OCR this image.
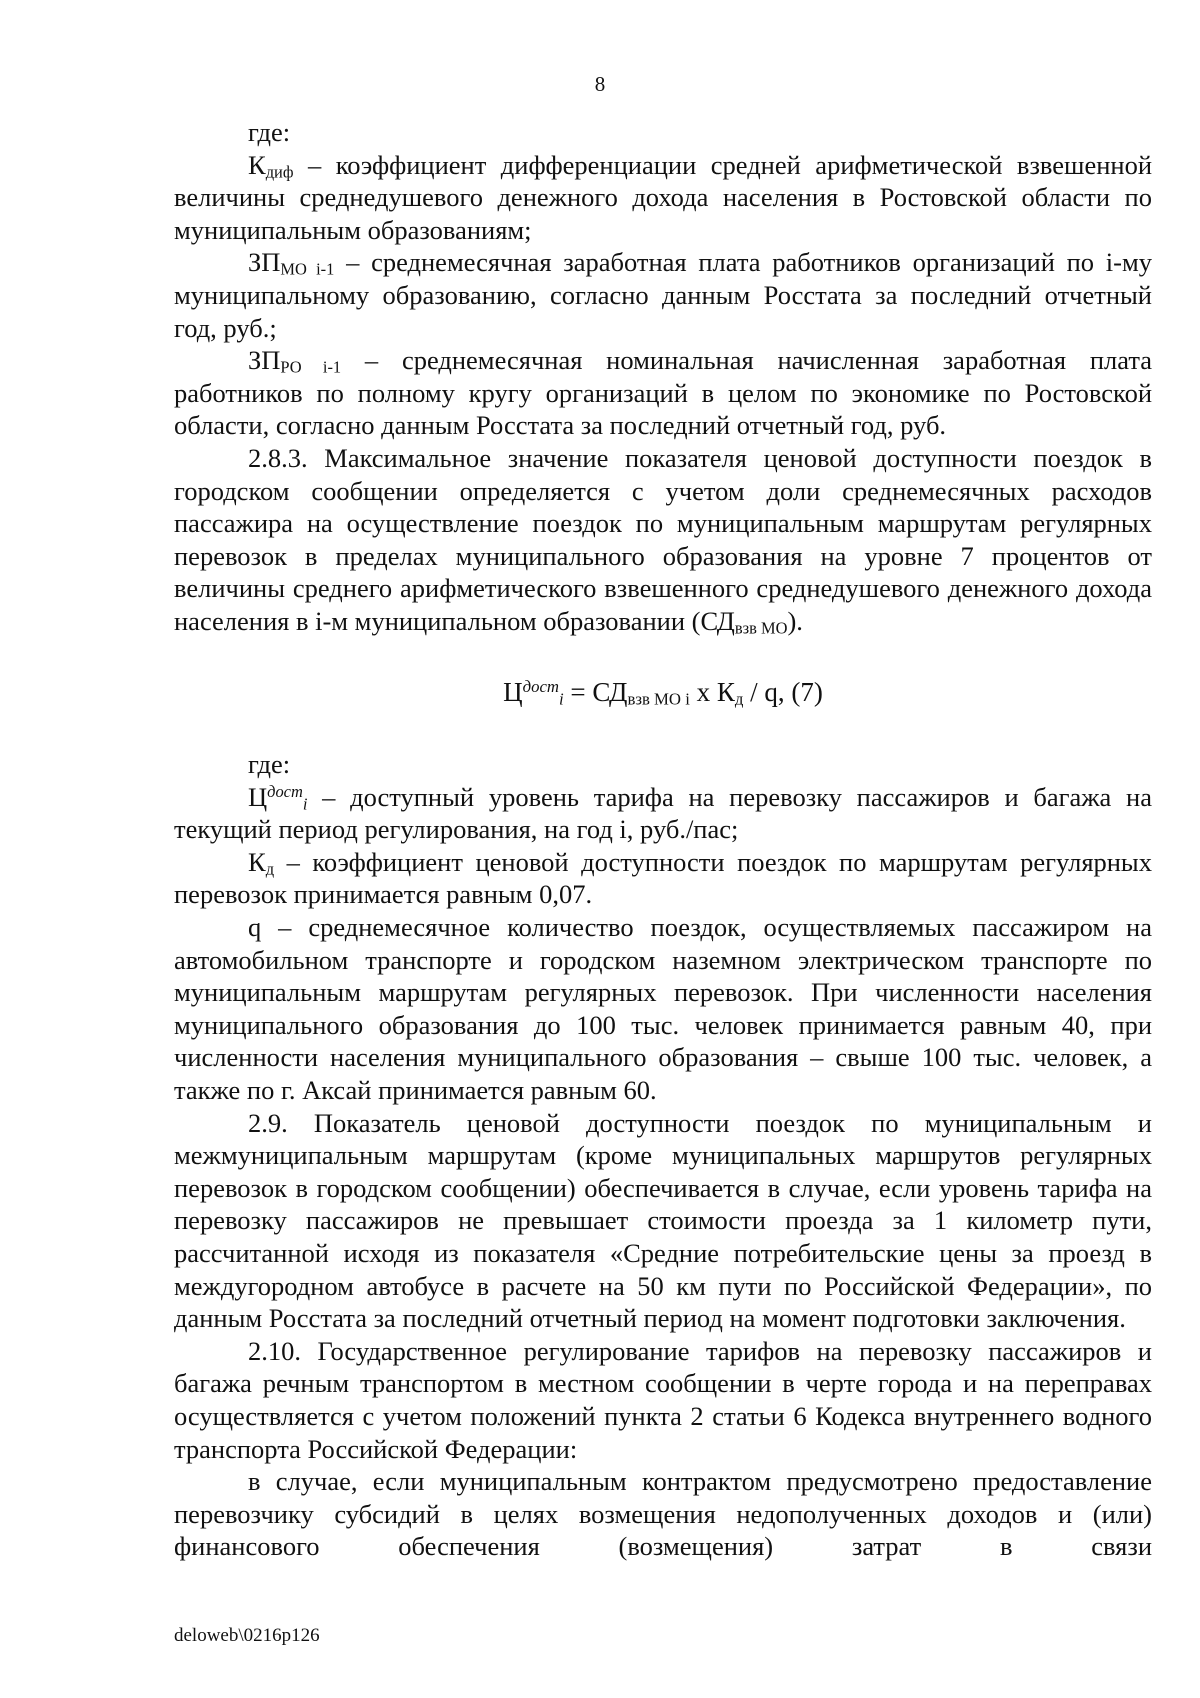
8

где:

$К_{диф}$ – коэффициент дифференциации средней арифметической взвешенной величины среднедушевого денежного дохода населения в Ростовской области по муниципальным образованиям;

$ЗП_{МО i-1}$ – среднемесячная заработная плата работников организаций по i-му муниципальному образованию, согласно данным Росстата за последний отчетный год, руб.;

$ЗП_{РО i-1}$ – среднемесячная номинальная начисленная заработная плата работников по полному кругу организаций в целом по экономике по Ростовской области, согласно данным Росстата за последний отчетный год, руб.

2.8.3. Максимальное значение показателя ценовой доступности поездок в городском сообщении определяется с учетом доли среднемесячных расходов пассажира на осуществление поездок по муниципальным маршрутам регулярных перевозок в пределах муниципального образования на уровне 7 процентов от величины среднего арифметического взвешенного среднедушевого денежного дохода населения в i-м муниципальном образовании $(СД_{взв МО})$.

$Ц^{дост}i = СД_{взв МО i}$ х $К_д$ / q, (7)

где:

$Ц^{дост}i$ – доступный уровень тарифа на перевозку пассажиров и багажа на текущий период регулирования, на год i, руб./пас;

$К_д$ – коэффициент ценовой доступности поездок по маршрутам регулярных перевозок принимается равным 0,07.

q – среднемесячное количество поездок, осуществляемых пассажиром на автомобильном транспорте и городском наземном электрическом транспорте по муниципальным маршрутам регулярных перевозок. При численности населения муниципального образования до 100 тыс. человек принимается равным 40, при численности населения муниципального образования – свыше 100 тыс. человек, а также по г. Аксай принимается равным 60.

2.9. Показатель ценовой доступности поездок по муниципальным и межмуниципальным маршрутам (кроме муниципальных маршрутов регулярных перевозок в городском сообщении) обеспечивается в случае, если уровень тарифа на перевозку пассажиров не превышает стоимости проезда за 1 километр пути, рассчитанной исходя из показателя «Средние потребительские цены за проезд в междугородном автобусе в расчете на 50 км пути по Российской Федерации», по данным Росстата за последний отчетный период на момент подготовки заключения.

2.10. Государственное регулирование тарифов на перевозку пассажиров и багажа речным транспортом в местном сообщении в черте города и на переправах осуществляется с учетом положений пункта 2 статьи 6 Кодекса внутреннего водного транспорта Российской Федерации:

в случае, если муниципальным контрактом предусмотрено предоставление перевозчику субсидий в целях возмещения недополученных доходов и (или) финансового обеспечения (возмещения) затрат в связи

deloweb\0216p126
